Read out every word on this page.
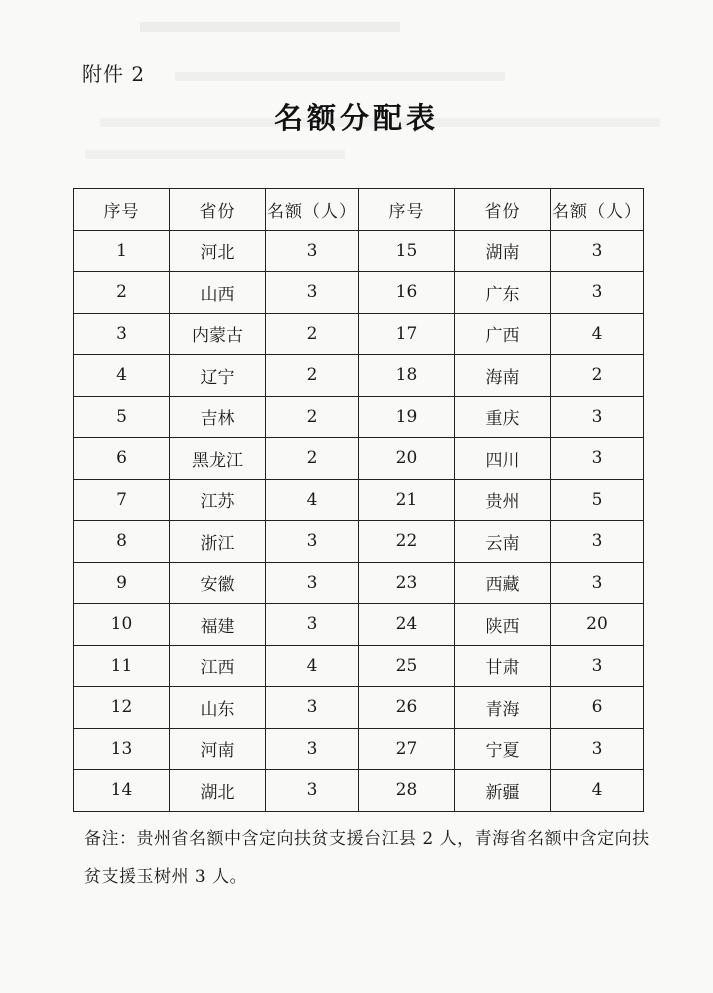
附件 2
名额分配表
序号	省份	名额（人）	序号	省份	名额（人）
1	河北	3	15	湖南	3
2	山西	3	16	广东	3
3	内蒙古	2	17	广西	4
4	辽宁	2	18	海南	2
5	吉林	2	19	重庆	3
6	黑龙江	2	20	四川	3
7	江苏	4	21	贵州	5
8	浙江	3	22	云南	3
9	安徽	3	23	西藏	3
10	福建	3	24	陕西	20
11	江西	4	25	甘肃	3
12	山东	3	26	青海	6
13	河南	3	27	宁夏	3
14	湖北	3	28	新疆	4
备注：贵州省名额中含定向扶贫支援台江县 2 人，青海省名额中含定向扶贫支援玉树州 3 人。
